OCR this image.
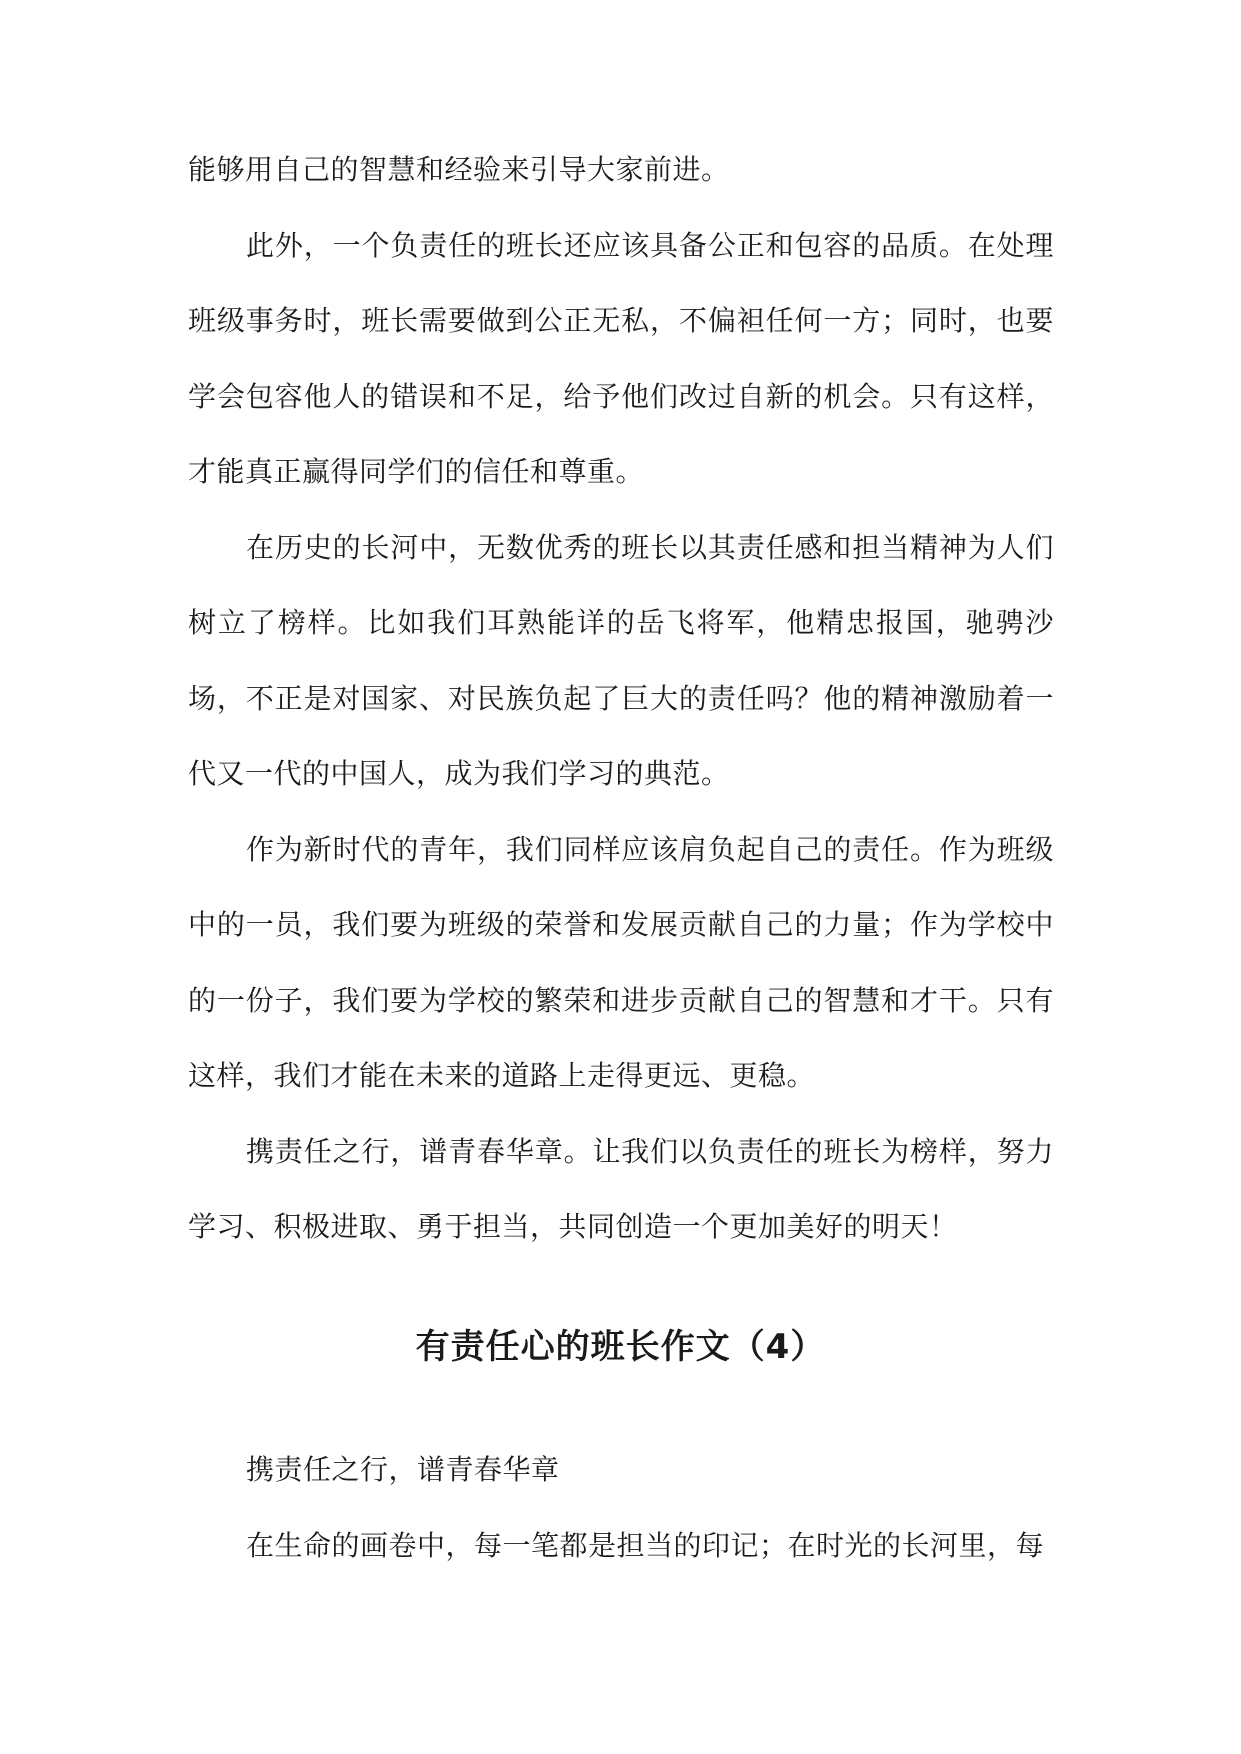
能够用自己的智慧和经验来引导大家前进。

此外，一个负责任的班长还应该具备公正和包容的品质。在处理班级事务时，班长需要做到公正无私，不偏袒任何一方；同时，也要学会包容他人的错误和不足，给予他们改过自新的机会。只有这样，才能真正赢得同学们的信任和尊重。

在历史的长河中，无数优秀的班长以其责任感和担当精神为人们树立了榜样。比如我们耳熟能详的岳飞将军，他精忠报国，驰骋沙场，不正是对国家、对民族负起了巨大的责任吗？他的精神激励着一代又一代的中国人，成为我们学习的典范。

作为新时代的青年，我们同样应该肩负起自己的责任。作为班级中的一员，我们要为班级的荣誉和发展贡献自己的力量；作为学校中的一份子，我们要为学校的繁荣和进步贡献自己的智慧和才干。只有这样，我们才能在未来的道路上走得更远、更稳。

携责任之行，谱青春华章。让我们以负责任的班长为榜样，努力学习、积极进取、勇于担当，共同创造一个更加美好的明天！

有责任心的班长作文（4）

携责任之行，谱青春华章

在生命的画卷中，每一笔都是担当的印记；在时光的长河里，每
